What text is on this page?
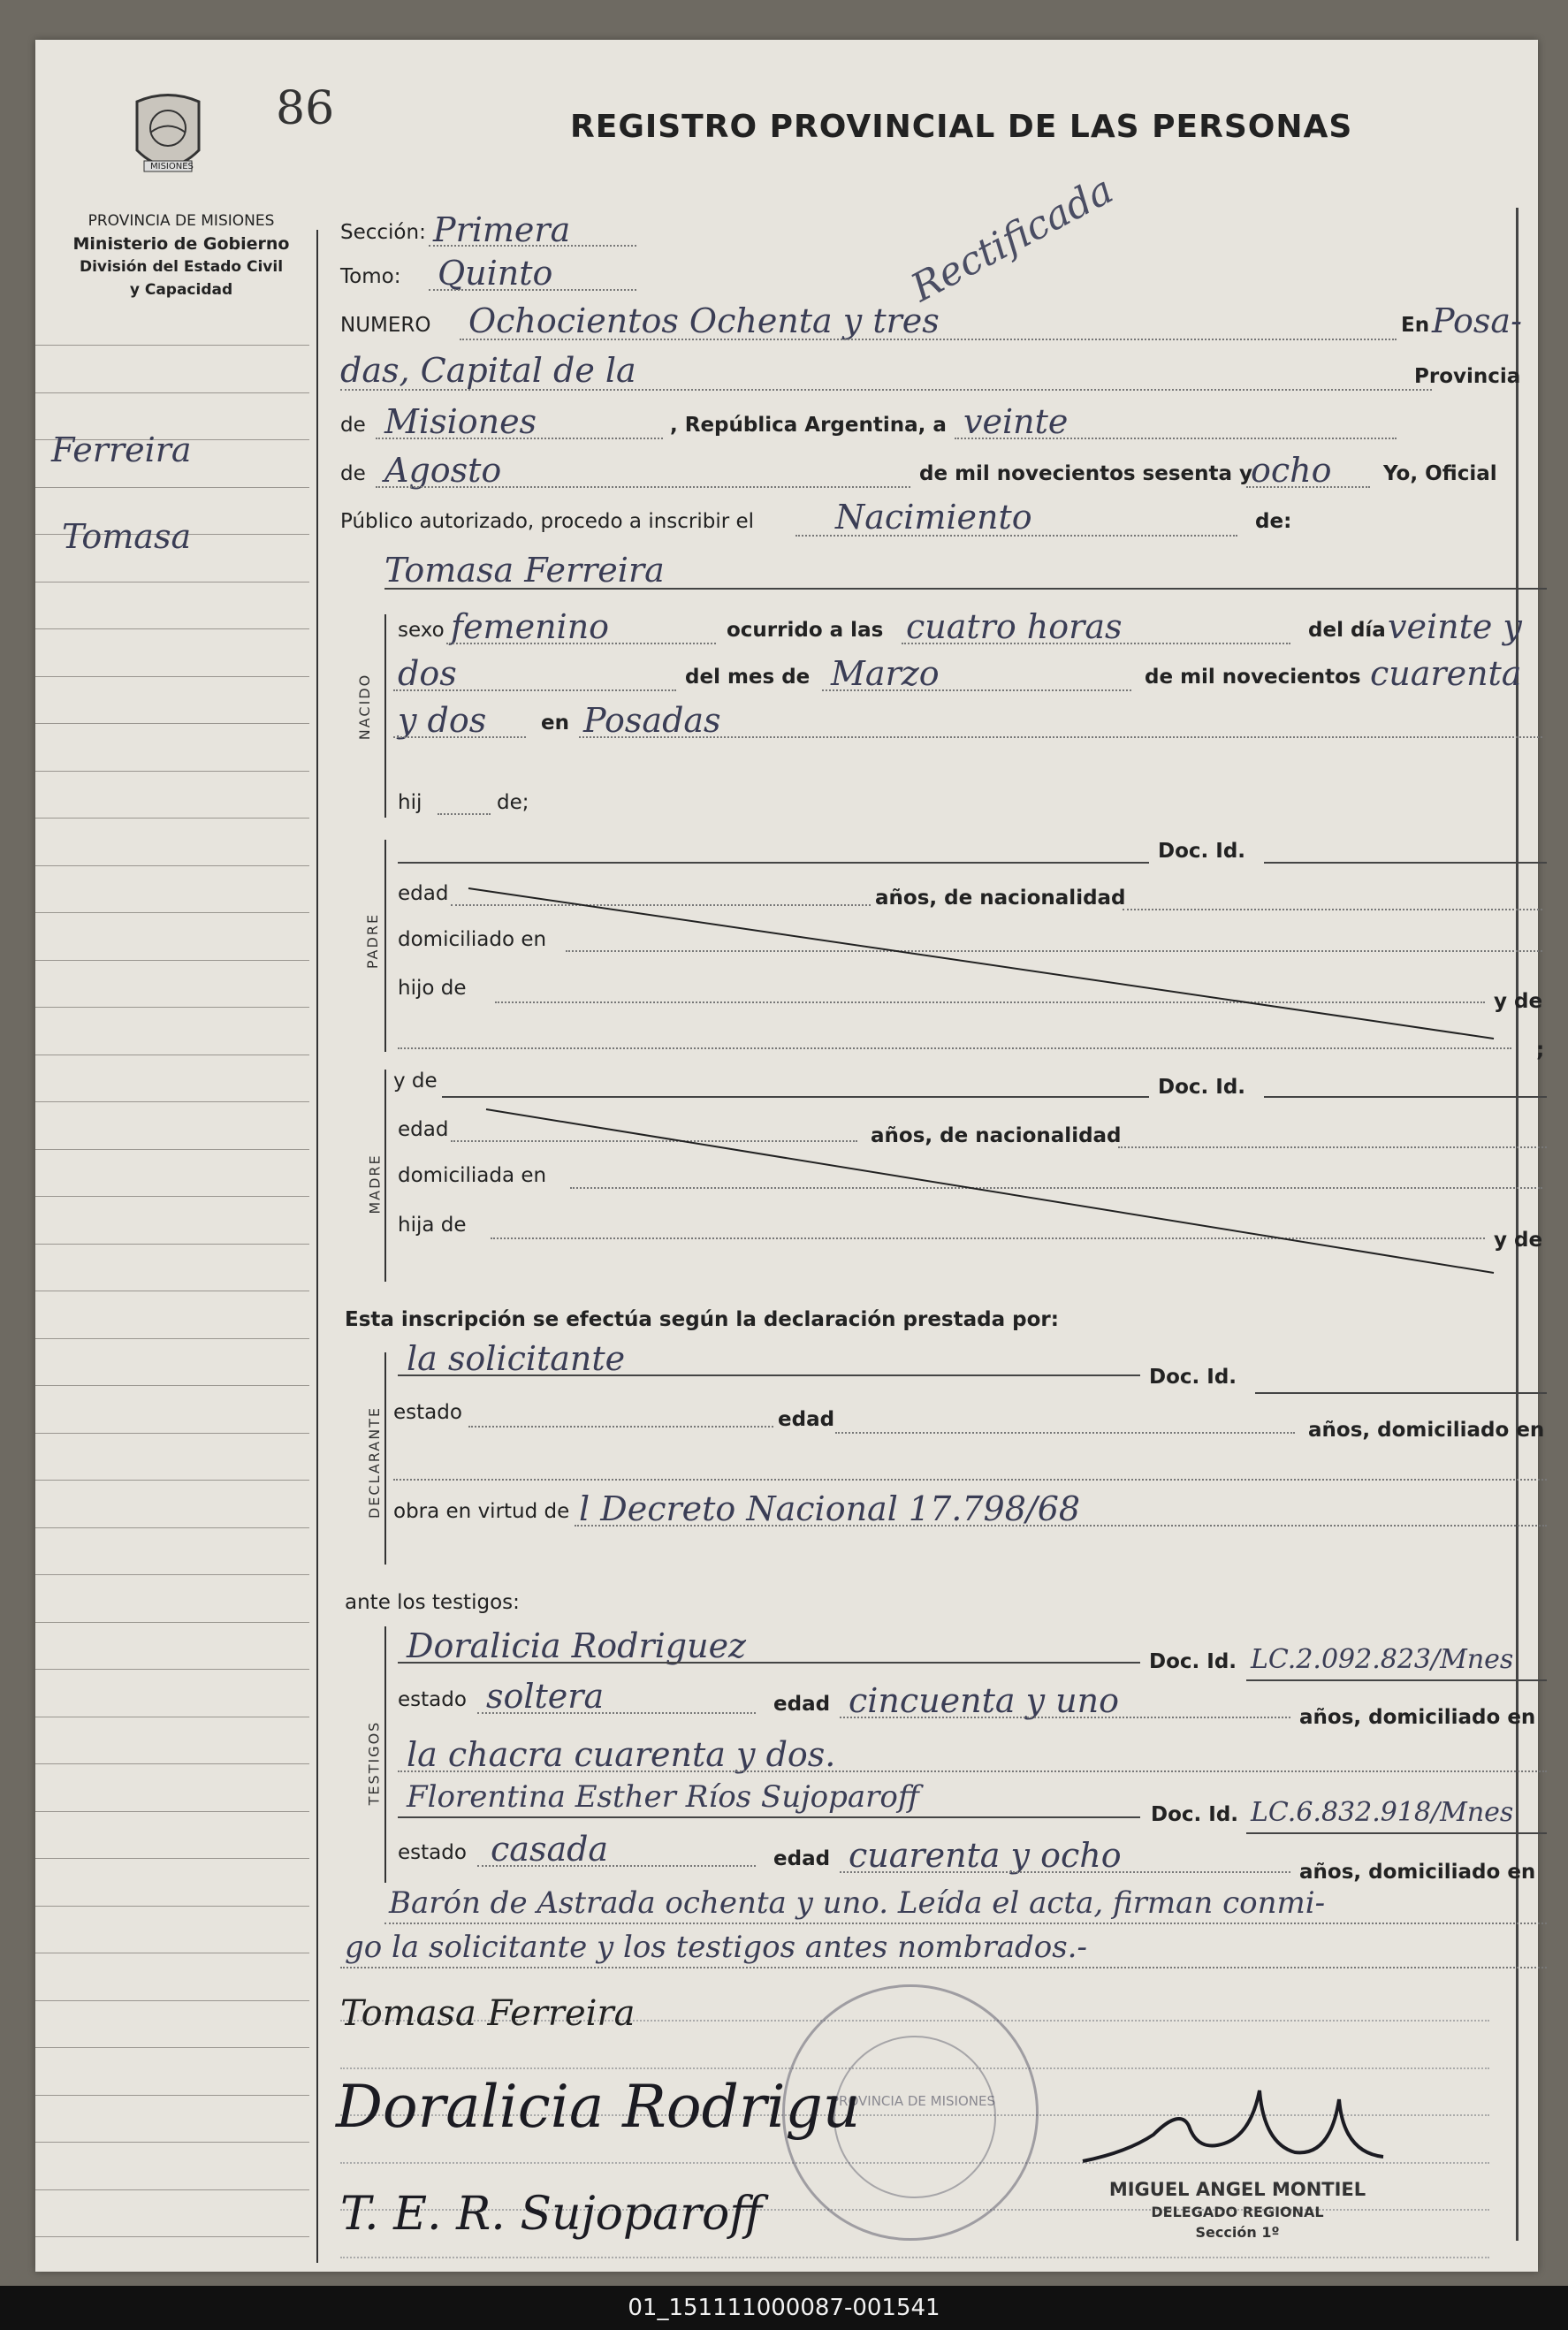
MISIONES
86	REGISTRO PROVINCIAL DE LAS PERSONAS
PROVINCIA DE MISIONES
Ministerio de Gobierno
División del Estado Civil
y Capacidad	Rectificada
Ferreira
Tomasa
Sección: Primera
Tomo: Quinto
NUMERO Ochocientos Ochenta y tres	En Posa-
das, Capital de la	Provincia
de Misiones	, República Argentina, a veinte
de Agosto	de mil novecientos sesenta y
ocho	Yo, Oficial
Público autorizado, procedo a inscribir el Nacimiento	de:
NACIDO
Tomasa Ferreira
sexo femenino	ocurrido a las cuatro horas	del día veinte y
dos	del mes de Marzo	de mil novecientos cuarenta
y dos	en Posadas
hij	de;
PADRE
Doc. Id.
edad	años, de nacionalidad
domiciliado en
hijo de
y de
;
MADRE
y de	Doc. Id.
edad	años, de nacionalidad
domiciliada en
hija de
y de
Esta inscripción se efectúa según la declaración prestada por:
DECLARANTE
la solicitante	Doc. Id.
estado	edad	años, domiciliado en
obra en virtud de l Decreto Nacional 17.798/68
ante los testigos:
TESTIGOS
Doralicia Rodriguez	Doc. Id. LC.2.092.823/Mnes
estado soltera	edad cincuenta y uno	años, domiciliado en
la chacra cuarenta y dos.
Florentina Esther Ríos Sujoparoff	Doc. Id. LC.6.832.918/Mnes
estado casada	edad cuarenta y ocho	años, domiciliado en
Barón de Astrada ochenta y uno. Leída el acta, firman conmi-
go la solicitante y los testigos antes nombrados.-
PROVINCIA DE MISIONES
Tomasa Ferreira
Doralicia Rodrigu
T. E. R. Sujoparoff	MIGUEL ANGEL MONTIEL
DELEGADO REGIONAL
Sección 1º
01_151111000087-001541
